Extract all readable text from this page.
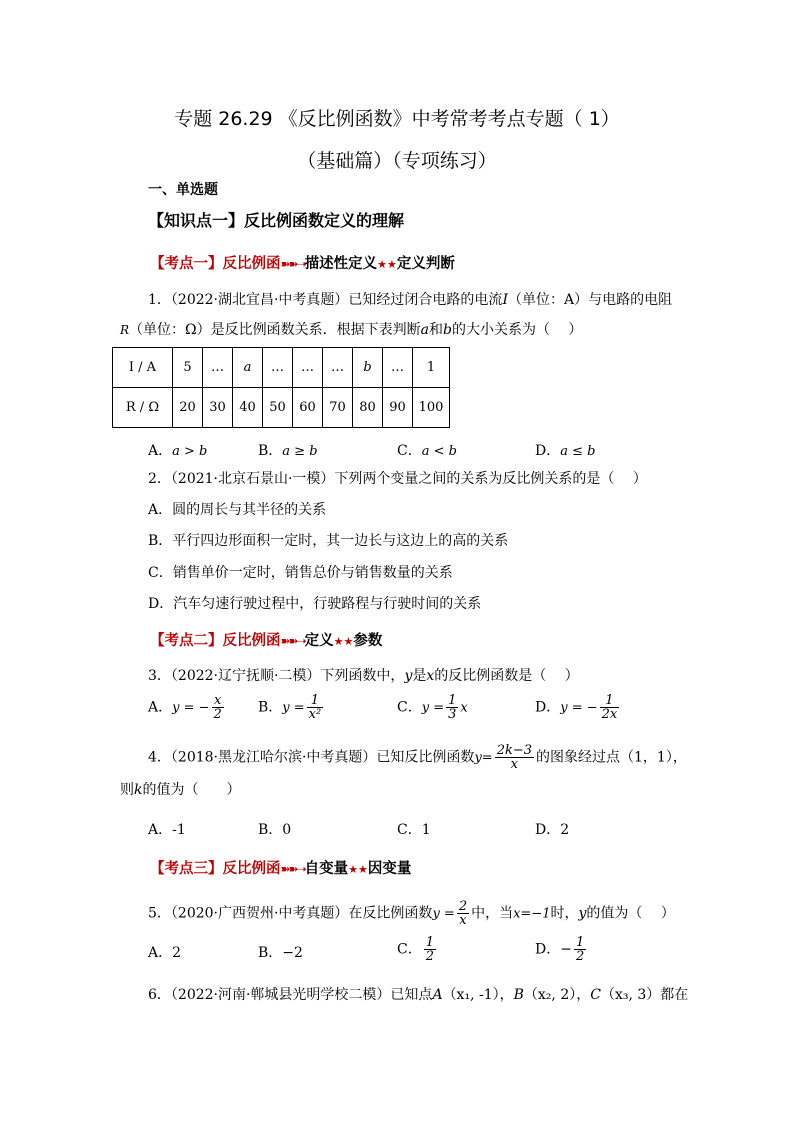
专题 26.29 《反比例函数》中考常考考点专题（ 1）
（基础篇）（专项练习）
一、单选题
【知识点一】反比例函数定义的理解
【考点一】反比例函➽➽➝描述性定义★★定义判断
1．（2022·湖北宜昌·中考真题）已知经过闭合电路的电流I（单位：A）与电路的电阻
R（单位：Ω）是反比例函数关系．根据下表判断a和b的大小关系为（　 ）
I / A	5	…	a	…	…	…	b	…	1
R / Ω	20	30	40	50	60	70	80	90	100
A．a > b	B．a ≥ b	C．a < b	D．a ≤ b
2．（2021·北京石景山·一模）下列两个变量之间的关系为反比例关系的是（　 ）
A．圆的周长与其半径的关系
B．平行四边形面积一定时，其一边长与这边上的高的关系
C．销售单价一定时，销售总价与销售数量的关系
D．汽车匀速行驶过程中，行驶路程与行驶时间的关系
【考点二】反比例函➽➽➝定义★★参数
3．（2022·辽宁抚顺·二模）下列函数中，y是x的反比例函数是（　 ）
A．y = − $\frac{x}{2}$ B．$y = \frac{1}{\text{x²}}$	C．$y = \frac{1}{3}$ x	D．y = − $\frac{1}{2x}$
4．（2018·黑龙江哈尔滨·中考真题）已知反比例函数$y= \frac{2k-3}{x}$ 的图象经过点（1，1），
则k的值为（　　）
A．-1	B．0	C．1	D．2
【考点三】反比例函➽➽➝自变量★★因变量
5．（2020·广西贺州·中考真题）在反比例函数$y = \frac{2}{x}$ 中，当x=−1时，y的值为（　 ）
A．2	B．−2	C． $\frac{1}{2}$	D．− $\frac{1}{2}$
6．（2022·河南·郸城县光明学校二模）已知点A（x₁, -1），B（x₂, 2），C（x₃, 3）都在
